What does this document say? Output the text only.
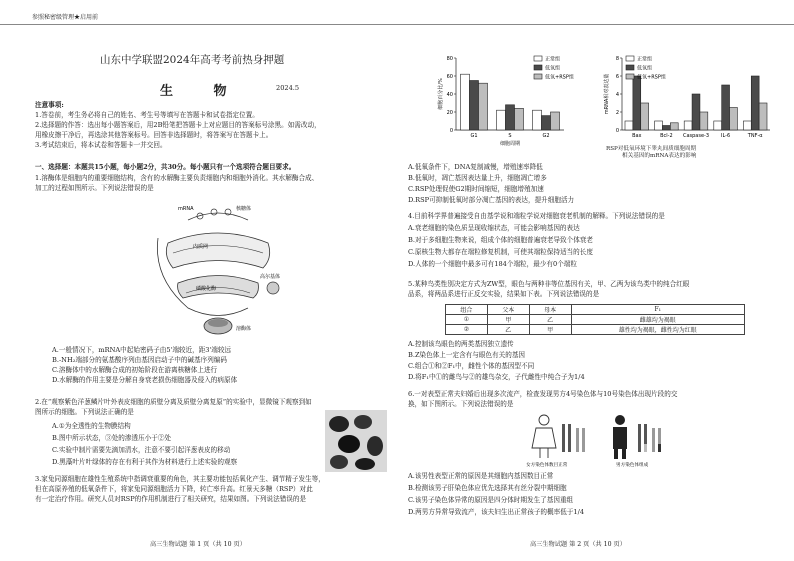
参照秘密级管理★启用前
山东中学联盟2024年高考考前热身押题
生 物	2024.5
注意事项:
1.答卷前，考生务必将自己的姓名、考生号等填写在答题卡和试卷指定位置。
2.选择题的作答：选出每小题答案后，用2B铅笔把答题卡上对应题目的答案标号涂黑。如需改动，
用橡皮擦干净后，再选涂其他答案标号。回答非选择题时，将答案写在答题卡上。
3.考试结束后，将本试卷和答题卡一并交回。
一、选择题：本题共15小题，每小题2分，共30分。每小题只有一个选项符合题目要求。
1.溶酶体是细胞内的重要细胞结构，含有的水解酶主要负责细胞内和细胞外消化。其水解酶合成、
加工的过程如图所示。下列说法错误的是
核糖体
mRNA
内质网
高尔基体
溶酶体
磷酸化酶
A.一般情况下，mRNA中起始密码子由5'端较近，距3'端较远
B.-NH₂端部分的氨基酸序列由基因启动子中的碱基序列编码
C.溶酶体中的水解酶合成的初始阶段在游离核糖体上进行
D.水解酶的作用主要是分解自身衰老损伤细胞器及侵入的病原体
2.在“观察紫色洋葱鳞片叶外表皮细胞的质壁分离及质壁分离复原”的实验中，显微镜下观察到如
图所示的细胞。下列说法正确的是
A.①为全透性的生物膜结构
B.图中所示状态，③处的渗透压小于②处
C.实验中制片需要先滴加清水，注意不要引起洋葱表皮的移动
D.黑藻叶片叶绿体的存在有利于其作为材料进行上述实验的观察
3.家兔同源细胞在雄性生殖系统中指调衰重要的角色，其主要功能包括氧化产生、调节精子发生等，
但在高原养殖的低氧条件下，将家兔同源细胞活力下降，转亡率升高。红景天多糖（RSP）对此
有一定治疗作用。研究人员对RSP的作用机制进行了相关研究，结果如图。下列说法错误的是
高三生物试题 第 1 页（共 10 页）
0
20
40
60
80
细胞百分比/%
细胞周期
G1	S	G2
正常组
低氧组
低氧+RSP组
0
2
4
6
8
mRNA相对表达量
Bax	Bcl-2 Caspase-3 IL-6	TNF-α
正常组
低氧组
低氧+RSP组
RSP对低氧环境下睾丸间质细胞周期
相关基因的mRNA表达的影响
A.低氧条件下，DNA复制减慢，增殖速率降低
B.低氧时，凋亡基因表达量上升，细胞凋亡增多
C.RSP处理促使G2期时间缩短，细胞增殖加速
D.RSP可抑制低氧时部分凋亡基因的表达，提升细胞活力
4.目前科学界普遍接受自由基学说和端粒学说对细胞衰老机制的解释。下列说法错误的是
A.衰老细胞的染色质呈现收缩状态，可能会影响基因的表达
B.对于多细胞生物来说，组成个体的细胞普遍衰老导致个体衰老
C.原核生物大都存在端粒修复机制，可使其端粒保持适当的长度
D.人体的一个细胞中最多可有184个端粒，最少有0个端粒
5.某种鸟类性别决定方式为ZW型，眼色与两种非等位基因有关，甲、乙两为该鸟类中的纯合红眼
品系，将两品系进行正反交实验，结果如下表。下列说法错误的是
组合	父本	母本	F₁
①	甲	乙	雌雄均为褐眼
②	乙	甲	雄性均为褐眼，雌性均为红眼
A.控制该鸟眼色的两类基因独立遗传
B.Z染色体上一定含有与眼色有关的基因
C.组合①和②F₁中，雌性个体的基因型不同
D.将F₁中①的雌鸟与②的雄鸟杂交，子代雌性中纯合子为1/4
6.一对表型正常夫妇婚后出现多次流产，检查发现男方4号染色体与10号染色体出现片段的交
换，如下图所示。下列说法错误的是
女方染色体数目正常	男方染色体组成
A.该男性表型正常的原因是其细胞内基因数目正常
B.检测该男子肝染色体应优先选择其有丝分裂中期细胞
C.该男子染色体异常的原因是四分体时期发生了基因重组
D.两男方异常导致流产，该夫妇生出正常孩子的概率低于1/4
高三生物试题 第 2 页（共 10 页）
